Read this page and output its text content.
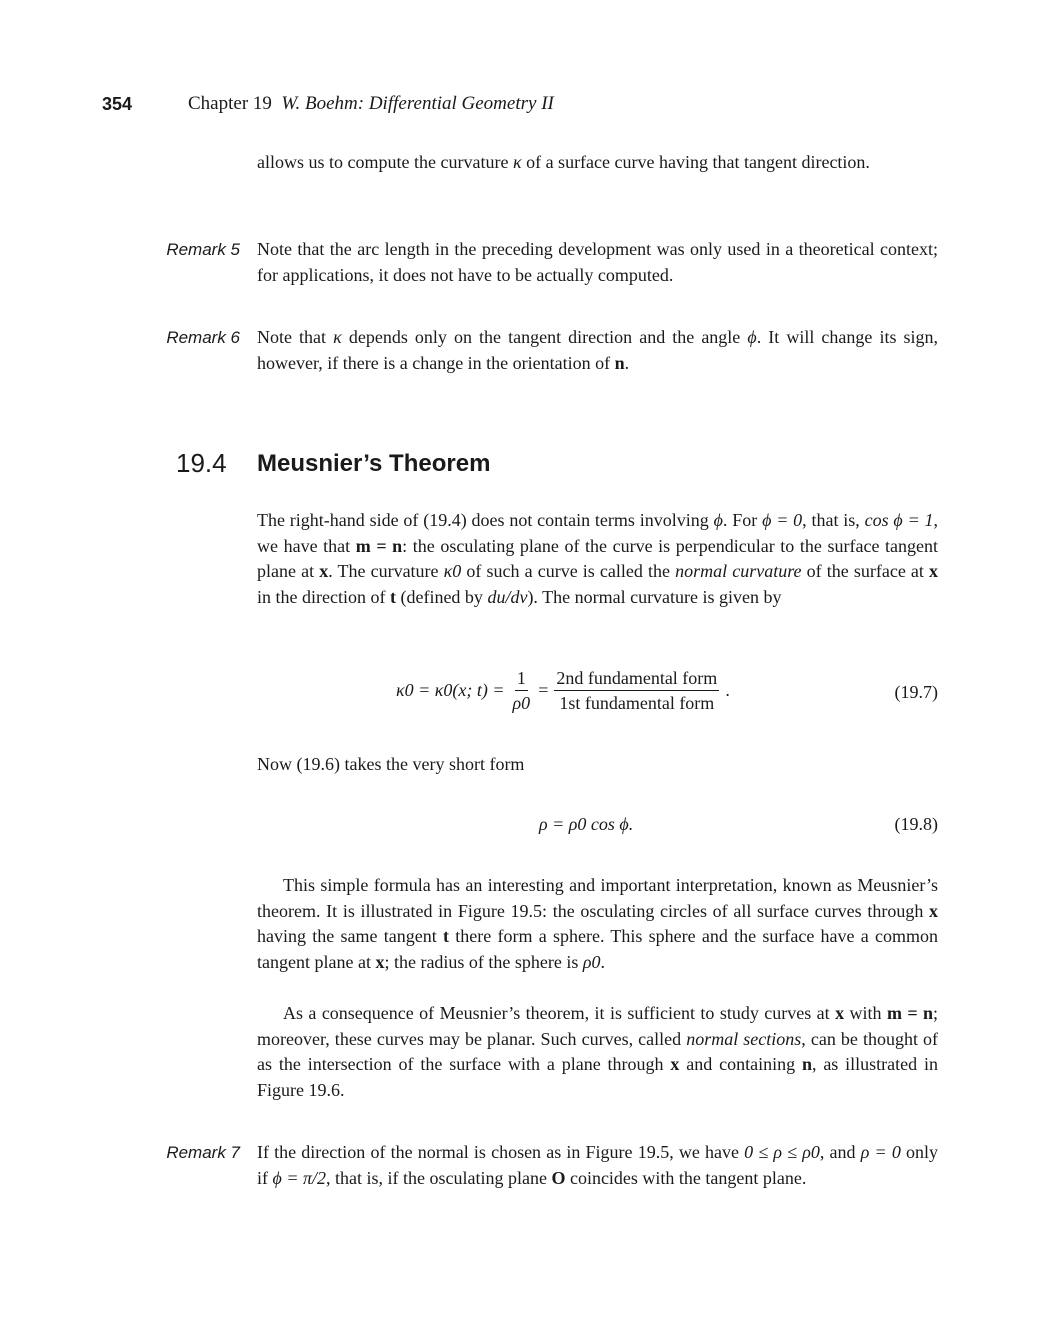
354	Chapter 19 W. Boehm: Differential Geometry II

allows us to compute the curvature κ of a surface curve having that tangent direction.

Remark 5 Note that the arc length in the preceding development was only used in a theoretical context; for applications, it does not have to be actually computed.

Remark 6 Note that κ depends only on the tangent direction and the angle ϕ. It will change its sign, however, if there is a change in the orientation of n.

19.4 Meusnier’s Theorem

The right-hand side of (19.4) does not contain terms involving ϕ. For ϕ = 0, that is, cos ϕ = 1, we have that m = n: the osculating plane of the curve is perpendicular to the surface tangent plane at x. The curvature κ0 of such a curve is called the normal curvature of the surface at x in the direction of t (defined by du/dv). The normal curvature is given by

κ0 = κ0(x; $t) = \frac{1}{\rho 0} = \frac{\text{2nd fundamental form}}{\text{1st fundamental form}}$ .	(19.7)

Now (19.6) takes the very short form

ρ = ρ0 cos ϕ.	(19.8)

This simple formula has an interesting and important interpretation, known as Meusnier’s theorem. It is illustrated in Figure 19.5: the osculating circles of all surface curves through x having the same tangent t there form a sphere. This sphere and the surface have a common tangent plane at x; the radius of the sphere is ρ0.

As a consequence of Meusnier’s theorem, it is sufficient to study curves at x with m = n; moreover, these curves may be planar. Such curves, called normal sections, can be thought of as the intersection of the surface with a plane through x and containing n, as illustrated in Figure 19.6.

Remark 7 If the direction of the normal is chosen as in Figure 19.5, we have 0 ≤ ρ ≤ ρ0, and ρ = 0 only if ϕ = π/2, that is, if the osculating plane O coincides with the tangent plane.
